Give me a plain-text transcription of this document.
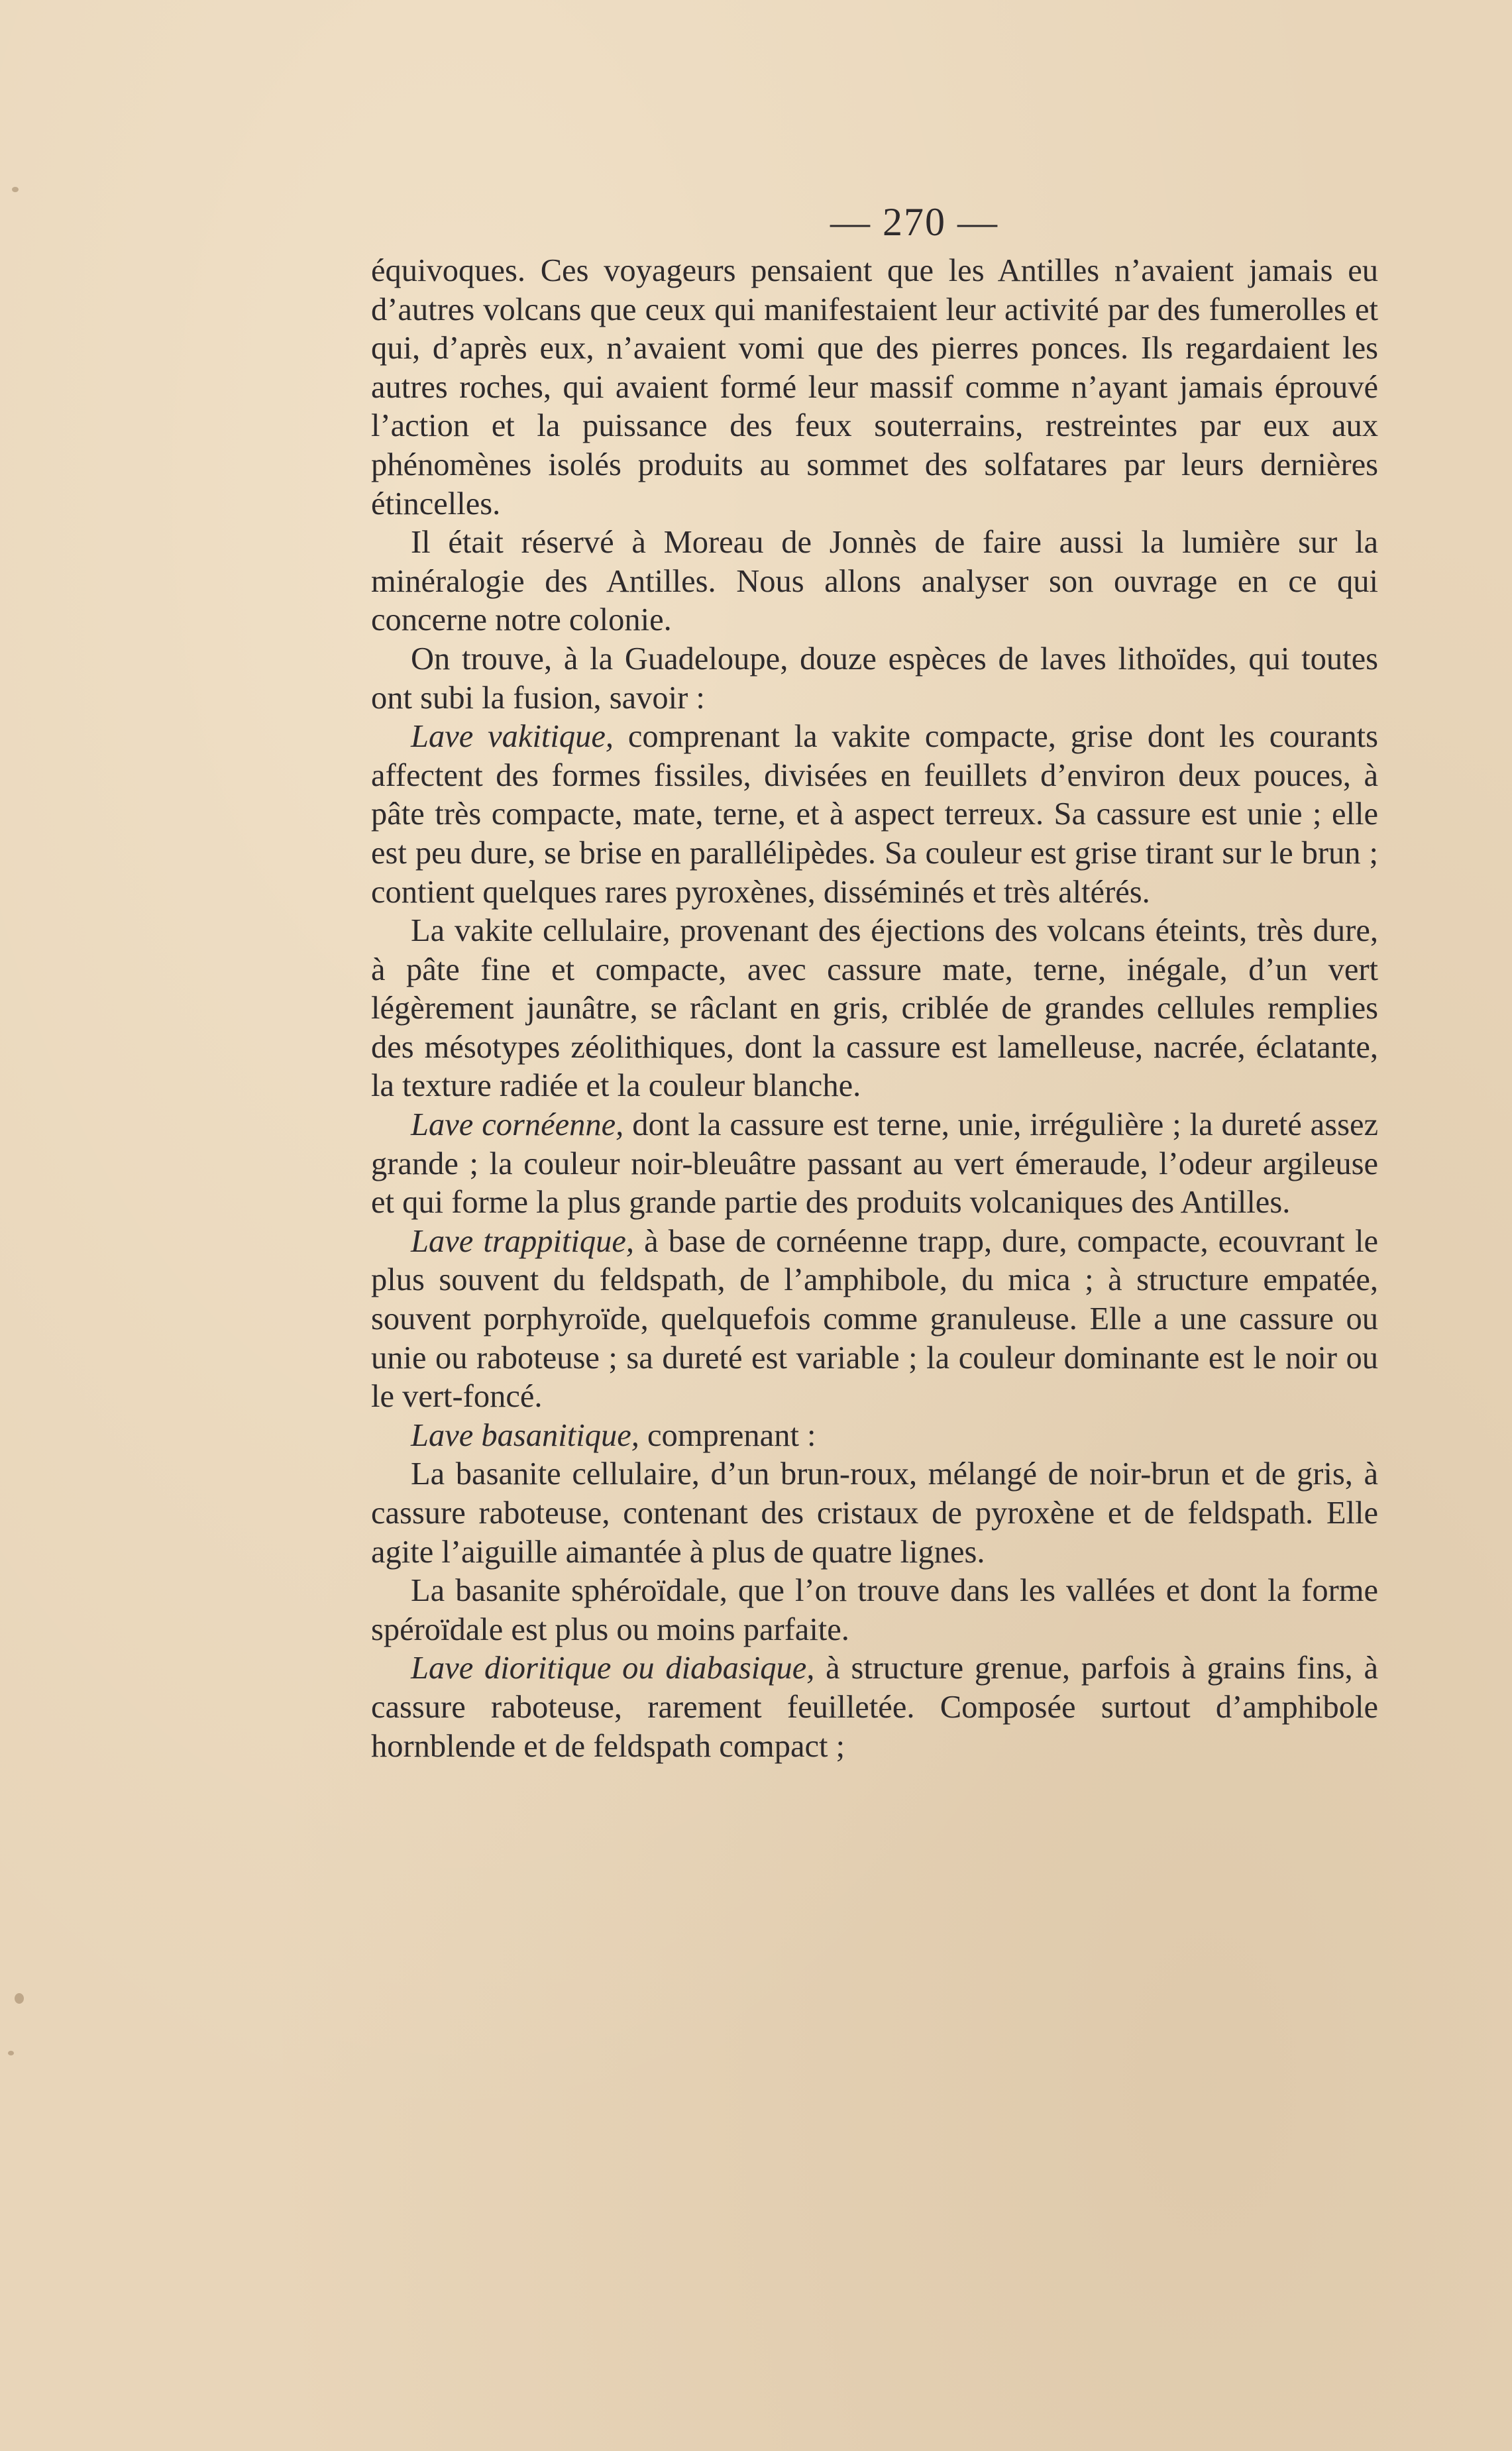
— 270 —

équivoques. Ces voyageurs pensaient que les Antilles n’avaient jamais eu d’autres volcans que ceux qui manifestaient leur activité par des fumerolles et qui, d’après eux, n’avaient vomi que des pierres ponces. Ils regardaient les autres roches, qui avaient formé leur massif comme n’ayant jamais éprouvé l’action et la puissance des feux souterrains, restreintes par eux aux phénomènes isolés produits au sommet des solfatares par leurs dernières étincelles.

Il était réservé à Moreau de Jonnès de faire aussi la lumière sur la minéralogie des Antilles. Nous allons analyser son ouvrage en ce qui concerne notre colonie.

On trouve, à la Guadeloupe, douze espèces de laves lithoïdes, qui toutes ont subi la fusion, savoir :

Lave vakitique, comprenant la vakite compacte, grise dont les courants affectent des formes fissiles, divisées en feuillets d’environ deux pouces, à pâte très compacte, mate, terne, et à aspect terreux. Sa cassure est unie ; elle est peu dure, se brise en parallélipèdes. Sa couleur est grise tirant sur le brun ; contient quelques rares pyroxènes, disséminés et très altérés.

La vakite cellulaire, provenant des éjections des volcans éteints, très dure, à pâte fine et compacte, avec cassure mate, terne, inégale, d’un vert légèrement jaunâtre, se râclant en gris, criblée de grandes cellules remplies des mésotypes zéolithiques, dont la cassure est lamelleuse, nacrée, éclatante, la texture radiée et la couleur blanche.

Lave cornéenne, dont la cassure est terne, unie, irrégulière ; la dureté assez grande ; la couleur noir-bleuâtre passant au vert émeraude, l’odeur argileuse et qui forme la plus grande partie des produits volcaniques des Antilles.

Lave trappitique, à base de cornéenne trapp, dure, compacte, ecouvrant le plus souvent du feldspath, de l’amphibole, du mica ; à structure empatée, souvent porphyroïde, quelquefois comme granuleuse. Elle a une cassure ou unie ou raboteuse ; sa dureté est variable ; la couleur dominante est le noir ou le vert-foncé.

Lave basanitique, comprenant :

La basanite cellulaire, d’un brun-roux, mélangé de noir-brun et de gris, à cassure raboteuse, contenant des cristaux de pyroxène et de feldspath. Elle agite l’aiguille aimantée à plus de quatre lignes.

La basanite sphéroïdale, que l’on trouve dans les vallées et dont la forme spéroïdale est plus ou moins parfaite.

Lave dioritique ou diabasique, à structure grenue, parfois à grains fins, à cassure raboteuse, rarement feuilletée. Composée surtout d’amphibole hornblende et de feldspath compact ;
